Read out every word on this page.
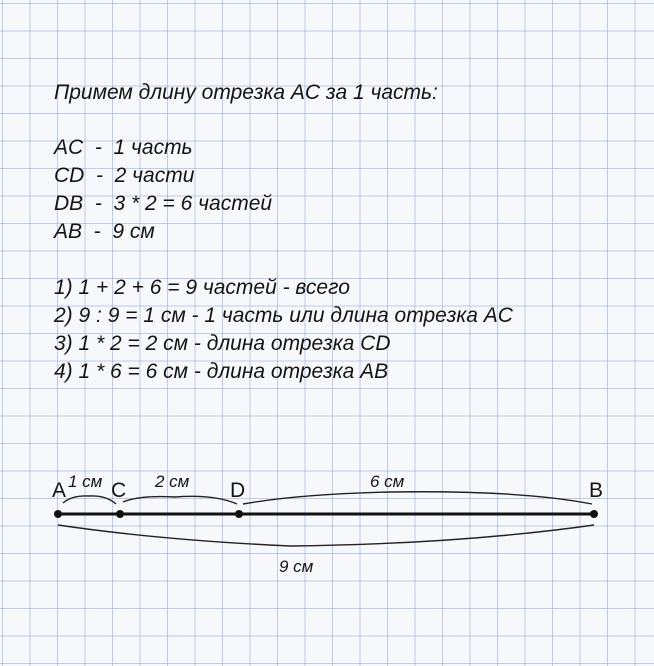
Примем длину отрезка AC за 1 часть:

AC  -  1 часть

CD  -  2 части

DB  -  3 * 2 = 6 частей

AB  -  9 см

1) 1 + 2 + 6 = 9 частей - всего

2) 9 : 9 = 1 см - 1 часть или длина отрезка AC

3) 1 * 2 = 2 см - длина отрезка CD

4) 1 * 6 = 6 см - длина отрезка AB

A C	D	B
1 см	2 см	6 см
9 см
